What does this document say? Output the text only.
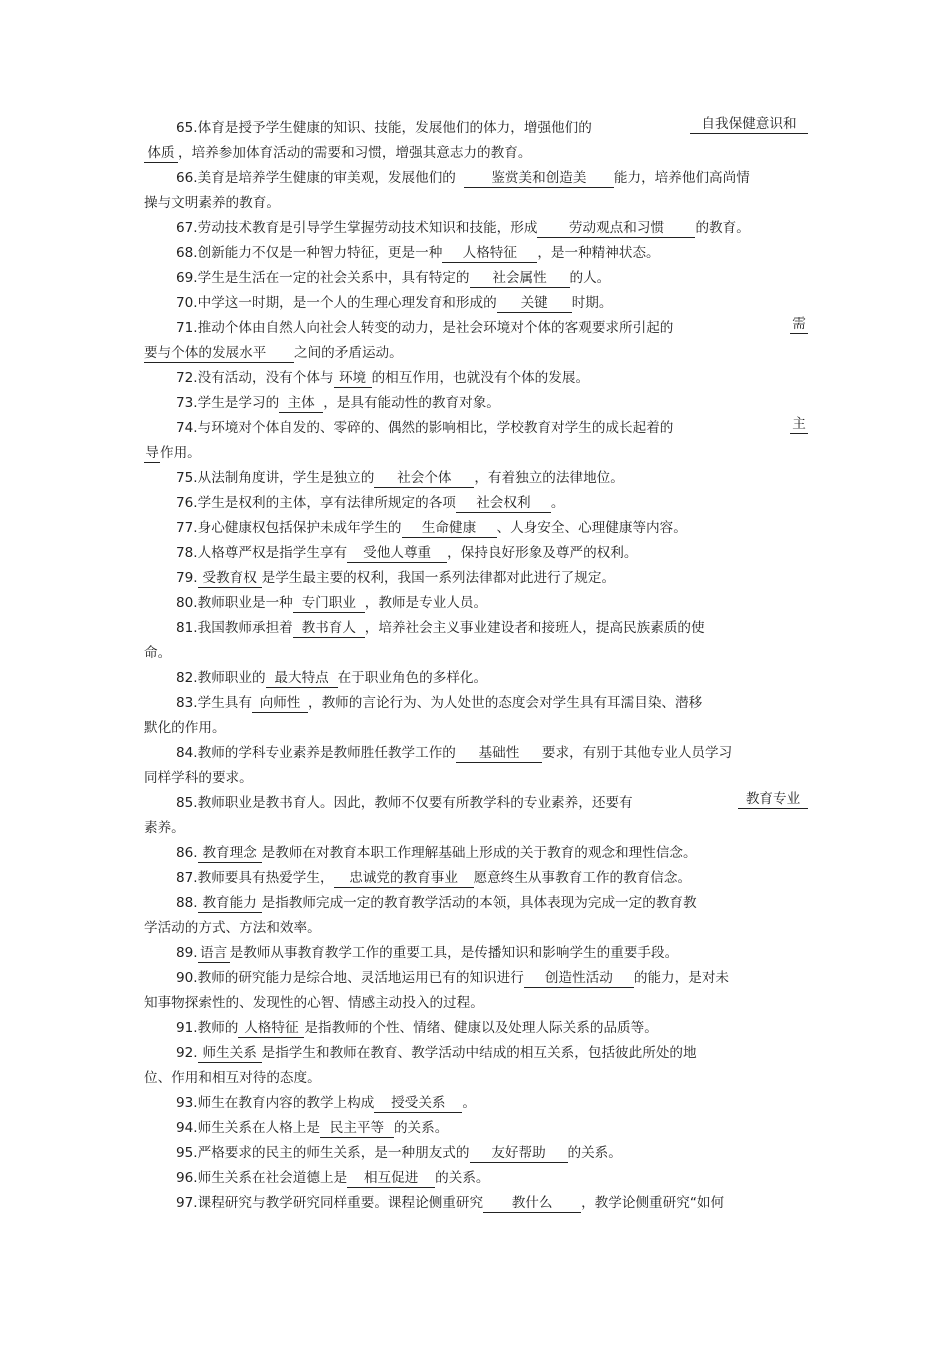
65.体育是授予学生健康的知识、技能，发展他们的体力，增强他们的	自我保健意识和
体质 ，培养参加体育活动的需要和习惯，增强其意志力的教育。
66.美育是培养学生健康的审美观，发展他们的	鉴赏美和创造美 能力，培养他们高尚情
操与文明素养的教育。
67.劳动技术教育是引导学生掌握劳动技术知识和技能，形成 劳动观点和习惯 的教育。
68.创新能力不仅是一种智力特征，更是一种 人格特征 ，是一种精神状态。
69.学生是生活在一定的社会关系中，具有特定的 社会属性 的人。
70.中学这一时期，是一个人的生理心理发育和形成的 关键 时期。
71.推动个体由自然人向社会人转变的动力，是社会环境对个体的客观要求所引起的	需
要与个体的发展水平 之间的矛盾运动。
72.没有活动，没有个体与 环境 的相互作用，也就没有个体的发展。
73.学生是学习的 主体 ，是具有能动性的教育对象。
74.与环境对个体自发的、零碎的、偶然的影响相比，学校教育对学生的成长起着的	主
导作用。
75.从法制角度讲，学生是独立的 社会个体 ，有着独立的法律地位。
76.学生是权利的主体，享有法律所规定的各项 社会权利 。
77.身心健康权包括保护未成年学生的 生命健康 、人身安全、心理健康等内容。
78.人格尊严权是指学生享有 受他人尊重 ，保持良好形象及尊严的权利。
79. 受教育权 是学生最主要的权利，我国一系列法律都对此进行了规定。
80.教师职业是一种 专门职业 ，教师是专业人员。
81.我国教师承担着 教书育人 ，培养社会主义事业建设者和接班人，提高民族素质的使
命。
82.教师职业的 最大特点 在于职业角色的多样化。
83.学生具有 向师性 ，教师的言论行为、为人处世的态度会对学生具有耳濡目染、潜移
默化的作用。
84.教师的学科专业素养是教师胜任教学工作的 基础性 要求，有别于其他专业人员学习
同样学科的要求。
85.教师职业是教书育人。因此，教师不仅要有所教学科的专业素养，还要有	教育专业
素养。
86. 教育理念 是教师在对教育本职工作理解基础上形成的关于教育的观念和理性信念。
87.教师要具有热爱学生， 忠诚党的教育事业 愿意终生从事教育工作的教育信念。
88. 教育能力 是指教师完成一定的教育教学活动的本领，具体表现为完成一定的教育教
学活动的方式、方法和效率。
89. 语言 是教师从事教育教学工作的重要工具，是传播知识和影响学生的重要手段。
90.教师的研究能力是综合地、灵活地运用已有的知识进行 创造性活动 的能力，是对未
知事物探索性的、发现性的心智、情感主动投入的过程。
91.教师的 人格特征 是指教师的个性、情绪、健康以及处理人际关系的品质等。
92. 师生关系 是指学生和教师在教育、教学活动中结成的相互关系，包括彼此所处的地
位、作用和相互对待的态度。
93.师生在教育内容的教学上构成 授受关系 。
94.师生关系在人格上是 民主平等 的关系。
95.严格要求的民主的师生关系，是一种朋友式的 友好帮助 的关系。
96.师生关系在社会道德上是 相互促进 的关系。
97.课程研究与教学研究同样重要。课程论侧重研究 教什么 ，教学论侧重研究“如何
